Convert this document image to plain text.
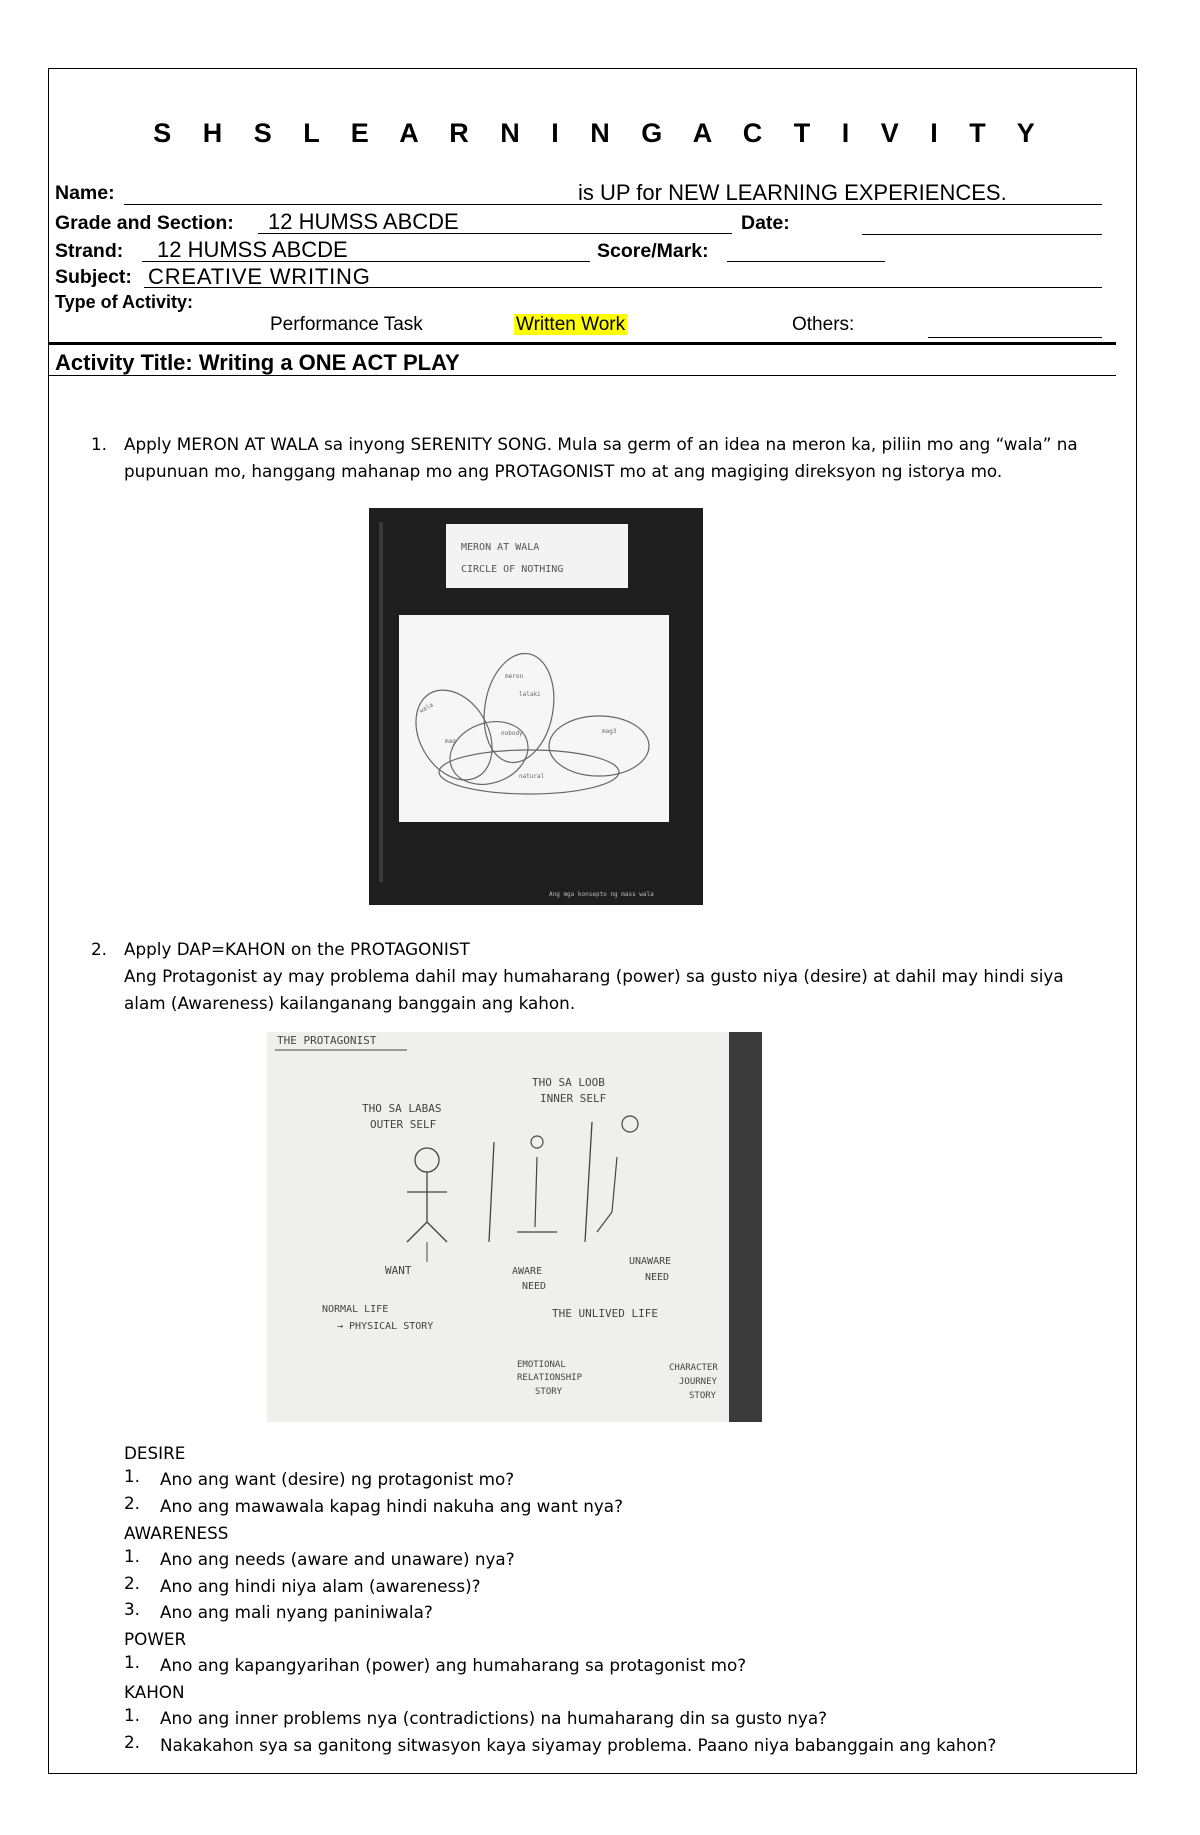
S H S L E A R N I N G A C T I V I T Y
Name:	is UP for NEW LEARNING EXPERIENCES.
Grade and Section: 12 HUMSS ABCDE	Date:
Strand: 12 HUMSS ABCDE	Score/Mark:
Subject: CREATIVE WRITING
Type of Activity:
Performance Task	Written Work	Others:
Activity Title: Writing a ONE ACT PLAY
1. Apply MERON AT WALA sa inyong SERENITY SONG. Mula sa germ of an idea na meron ka, piliin mo ang “wala” na
pupunuan mo, hanggang mahanap mo ang PROTAGONIST mo at ang magiging direksyon ng istorya mo.
MERON AT WALA
CIRCLE OF NOTHING
wala
meron
lalaki
mag
nobody	mag3
natural
Ang mga konsepto ng mass wala
2. Apply DAP=KAHON on the PROTAGONIST
Ang Protagonist ay may problema dahil may humaharang (power) sa gusto niya (desire) at dahil may hindi siya
alam (Awareness) kailanganang banggain ang kahon.
THE PROTAGONIST
THO SA LABAS
OUTER SELF
THO SA LOOB
INNER SELF
WANT	AWARE
NEED
UNAWARE
NEED
NORMAL LIFE
→ PHYSICAL STORY
THE UNLIVED LIFE
EMOTIONAL
RELATIONSHIP
STORY
CHARACTER
JOURNEY
STORY
DESIRE
1. Ano ang want (desire) ng protagonist mo?
2. Ano ang mawawala kapag hindi nakuha ang want nya?
AWARENESS
1. Ano ang needs (aware and unaware) nya?
2. Ano ang hindi niya alam (awareness)?
3. Ano ang mali nyang paniniwala?
POWER
1. Ano ang kapangyarihan (power) ang humaharang sa protagonist mo?
KAHON
1. Ano ang inner problems nya (contradictions) na humaharang din sa gusto nya?
2. Nakakahon sya sa ganitong sitwasyon kaya siyamay problema. Paano niya babanggain ang kahon?
